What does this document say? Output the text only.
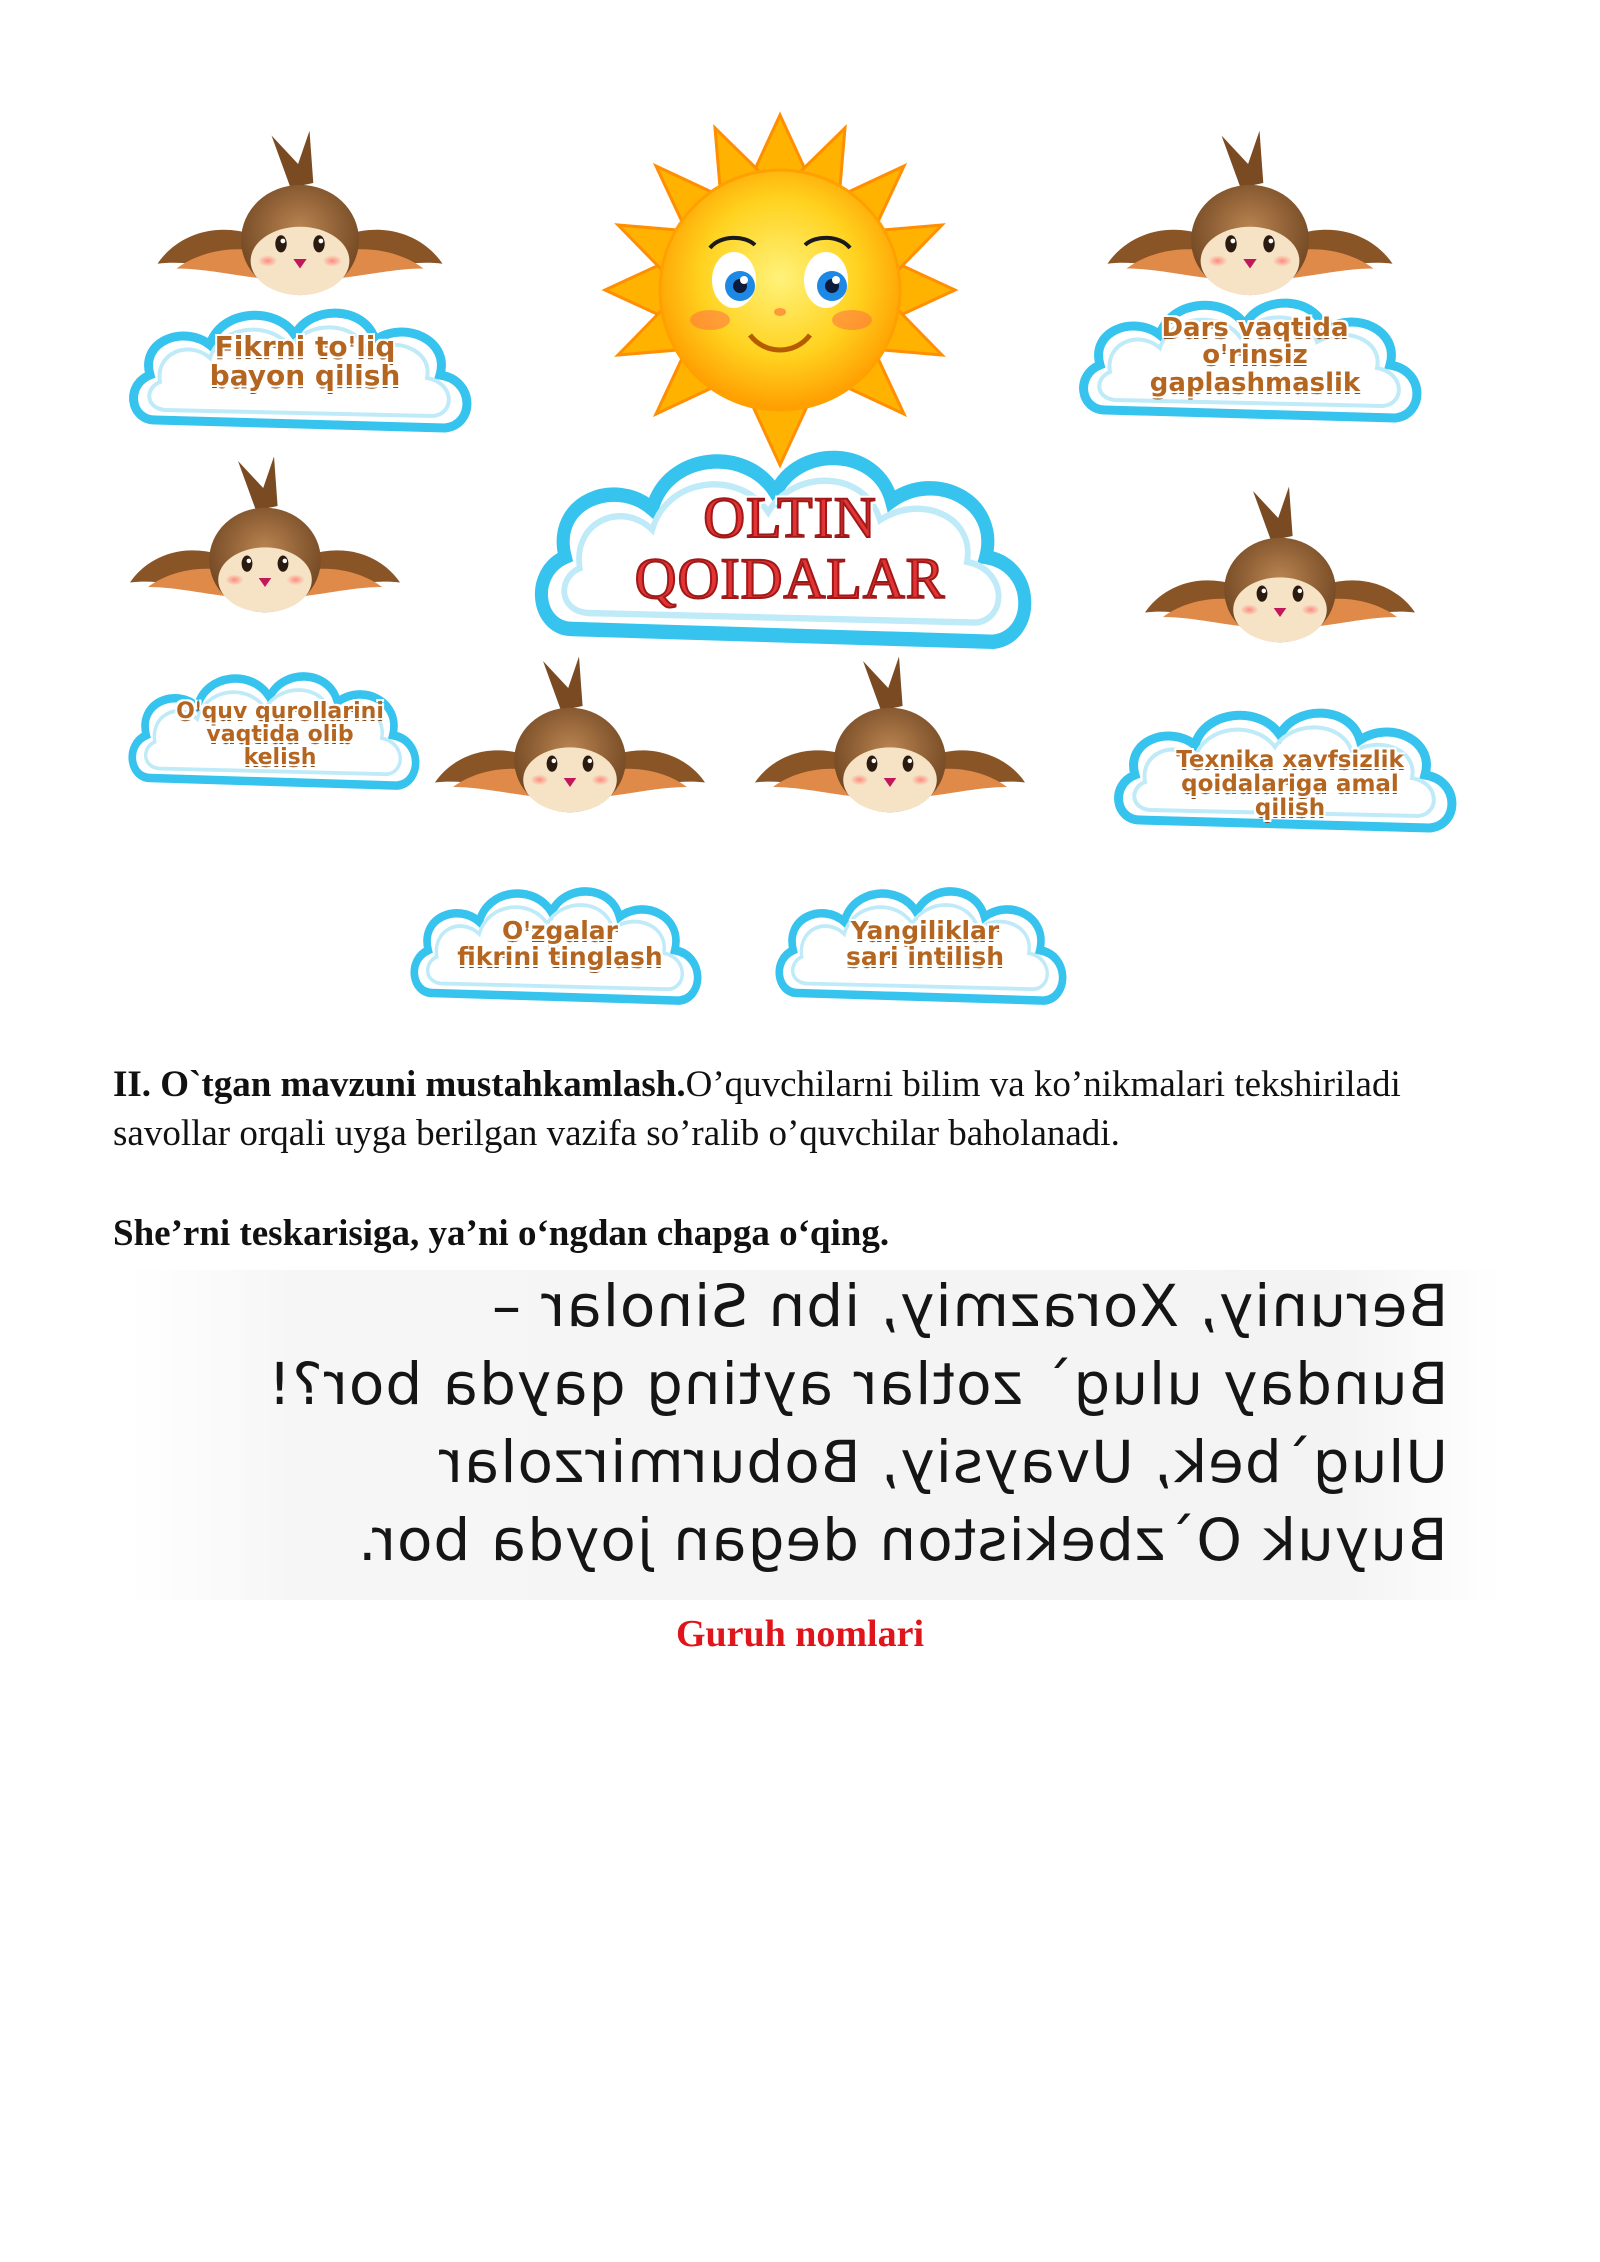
OLTIN
QOIDALAR
Fikrni to'liq
bayon qilish
Dars vaqtida
o'rinsiz
gaplashmaslik
O'quv qurollarini
vaqtida olib
kelish	Texnika xavfsizlik
qoidalariga amal
qilish
O'zgalar
fikrini tinglash
Yangiliklar
sari intilish

II. O`tgan mavzuni mustahkamlash.O’quvchilarni bilim va ko’nikmalari tekshiriladi savollar orqali uyga berilgan vazifa so’ralib o’quvchilar baholanadi.

She’rni teskarisiga, ya’ni o‘ngdan chapga o‘qing.

Beruniy, Xorazmiy, ibn Sinolar –
Bunday ulug` zotlar ayting qayda bor?!
Ulug`bek, Uvaysiy, Boburmirzolar
Buyuk O`zbekiston degan joyda bor.
Guruh nomlari
